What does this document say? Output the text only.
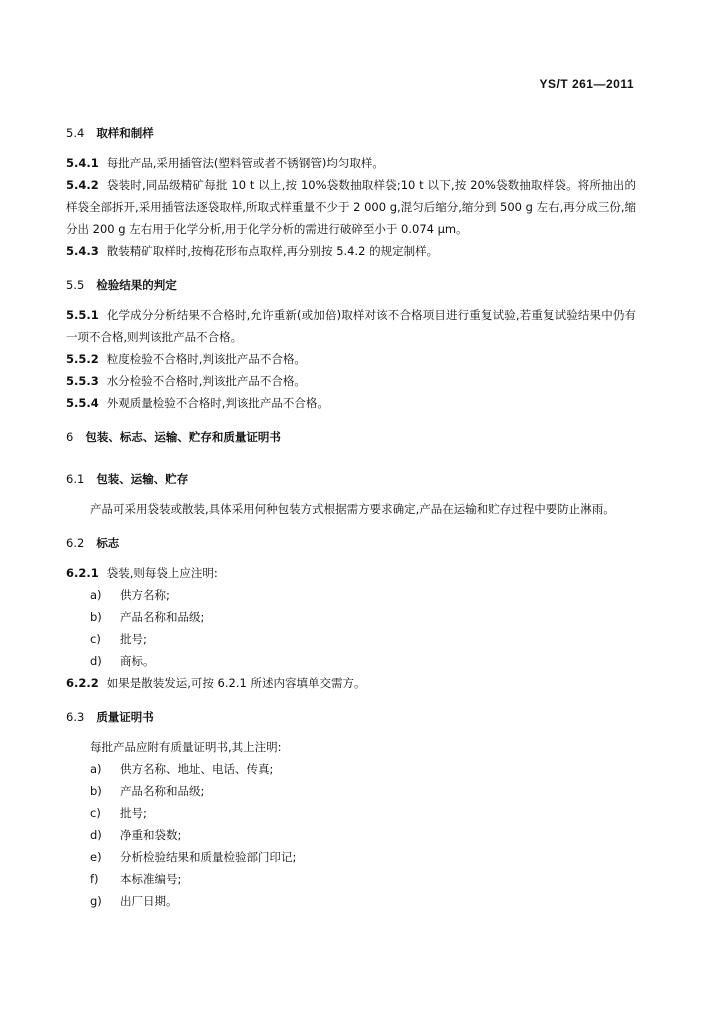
YS/T 261—2011
5.4 取样和制样
5.4.1 每批产品,采用插管法(塑料管或者不锈钢管)均匀取样。
5.4.2 袋装时,同品级精矿每批 10 t 以上,按 10%袋数抽取样袋;10 t 以下,按 20%袋数抽取样袋。将所抽出的样袋全部拆开,采用插管法逐袋取样,所取式样重量不少于 2 000 g,混匀后缩分,缩分到 500 g 左右,再分成三份,缩分出 200 g 左右用于化学分析,用于化学分析的需进行破碎至小于 0.074 μm。
5.4.3 散装精矿取样时,按梅花形布点取样,再分别按 5.4.2 的规定制样。
5.5 检验结果的判定
5.5.1 化学成分分析结果不合格时,允许重新(或加倍)取样对该不合格项目进行重复试验,若重复试验结果中仍有一项不合格,则判该批产品不合格。
5.5.2 粒度检验不合格时,判该批产品不合格。
5.5.3 水分检验不合格时,判该批产品不合格。
5.5.4 外观质量检验不合格时,判该批产品不合格。
6 包装、标志、运输、贮存和质量证明书
6.1 包装、运输、贮存
产品可采用袋装或散装,具体采用何种包装方式根据需方要求确定,产品在运输和贮存过程中要防止淋雨。
6.2 标志
6.2.1 袋装,则每袋上应注明:
a) 供方名称;
b) 产品名称和品级;
c) 批号;
d) 商标。
6.2.2 如果是散装发运,可按 6.2.1 所述内容填单交需方。
6.3 质量证明书
每批产品应附有质量证明书,其上注明:
a) 供方名称、地址、电话、传真;
b) 产品名称和品级;
c) 批号;
d) 净重和袋数;
e) 分析检验结果和质量检验部门印记;
f) 本标准编号;
g) 出厂日期。
